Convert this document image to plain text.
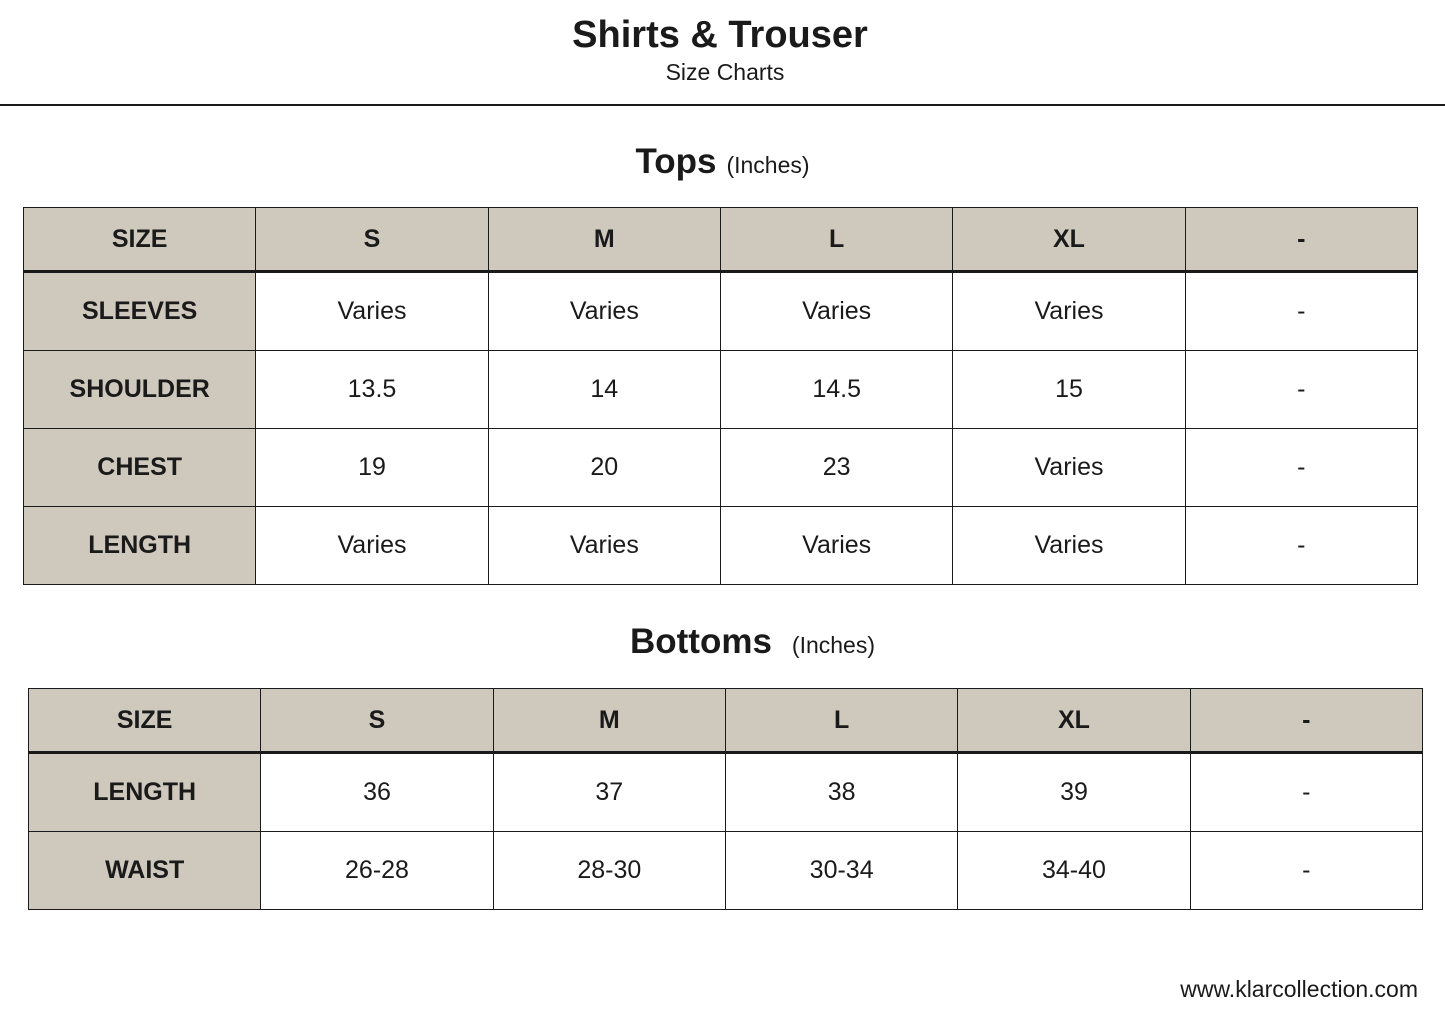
Shirts & Trouser
Size Charts
Tops (Inches)
SIZE	S	M	L	XL	-
SLEEVES	Varies	Varies	Varies	Varies	-
SHOULDER	13.5	14	14.5	15	-
CHEST	19	20	23	Varies	-
LENGTH	Varies	Varies	Varies	Varies	-
Bottoms (Inches)
SIZE	S	M	L	XL	-
LENGTH	36	37	38	39	-
WAIST	26-28	28-30	30-34	34-40	-
www.klarcollection.com
